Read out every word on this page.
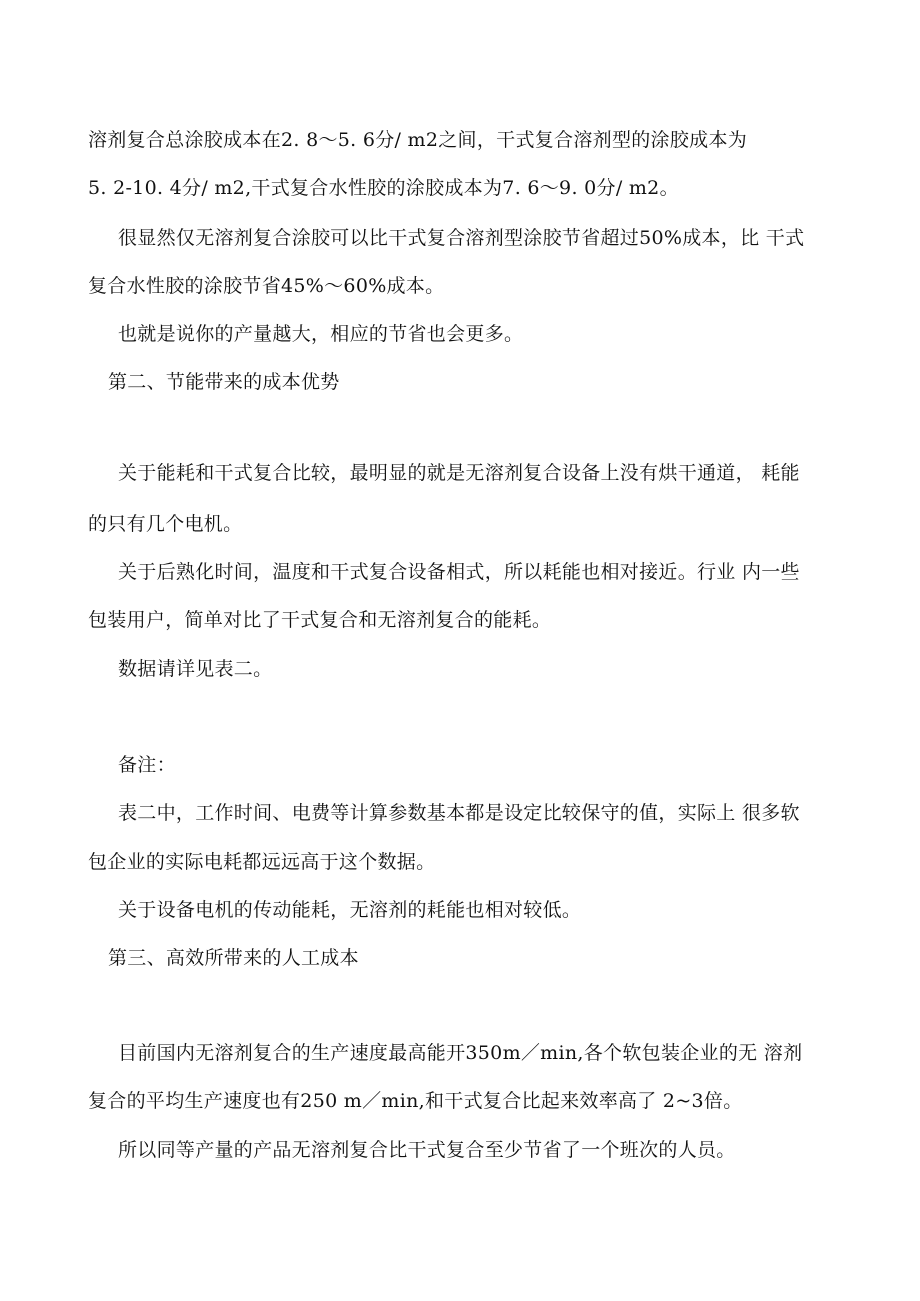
溶剂复合总涂胶成本在2. 8～5. 6分/ m2之间，干式复合溶剂型的涂胶成本为
5. 2-10. 4分/ m2,干式复合水性胶的涂胶成本为7. 6～9. 0分/ m2。
很显然仅无溶剂复合涂胶可以比干式复合溶剂型涂胶节省超过50%成本，比 干式
复合水性胶的涂胶节省45%～60%成本。
也就是说你的产量越大，相应的节省也会更多。
第二、节能带来的成本优势
关于能耗和干式复合比较，最明显的就是无溶剂复合设备上没有烘干通道， 耗能
的只有几个电机。
关于后熟化时间，温度和干式复合设备相式，所以耗能也相对接近。行业 内一些
包装用户，简单对比了干式复合和无溶剂复合的能耗。
数据请详见表二。
备注：
表二中，工作时间、电费等计算参数基本都是设定比较保守的值，实际上 很多软
包企业的实际电耗都远远高于这个数据。
关于设备电机的传动能耗，无溶剂的耗能也相对较低。
第三、高效所带来的人工成本
目前国内无溶剂复合的生产速度最高能开350m／min,各个软包装企业的无 溶剂
复合的平均生产速度也有250 m／min,和干式复合比起来效率高了 2~3倍。
所以同等产量的产品无溶剂复合比干式复合至少节省了一个班次的人员。
